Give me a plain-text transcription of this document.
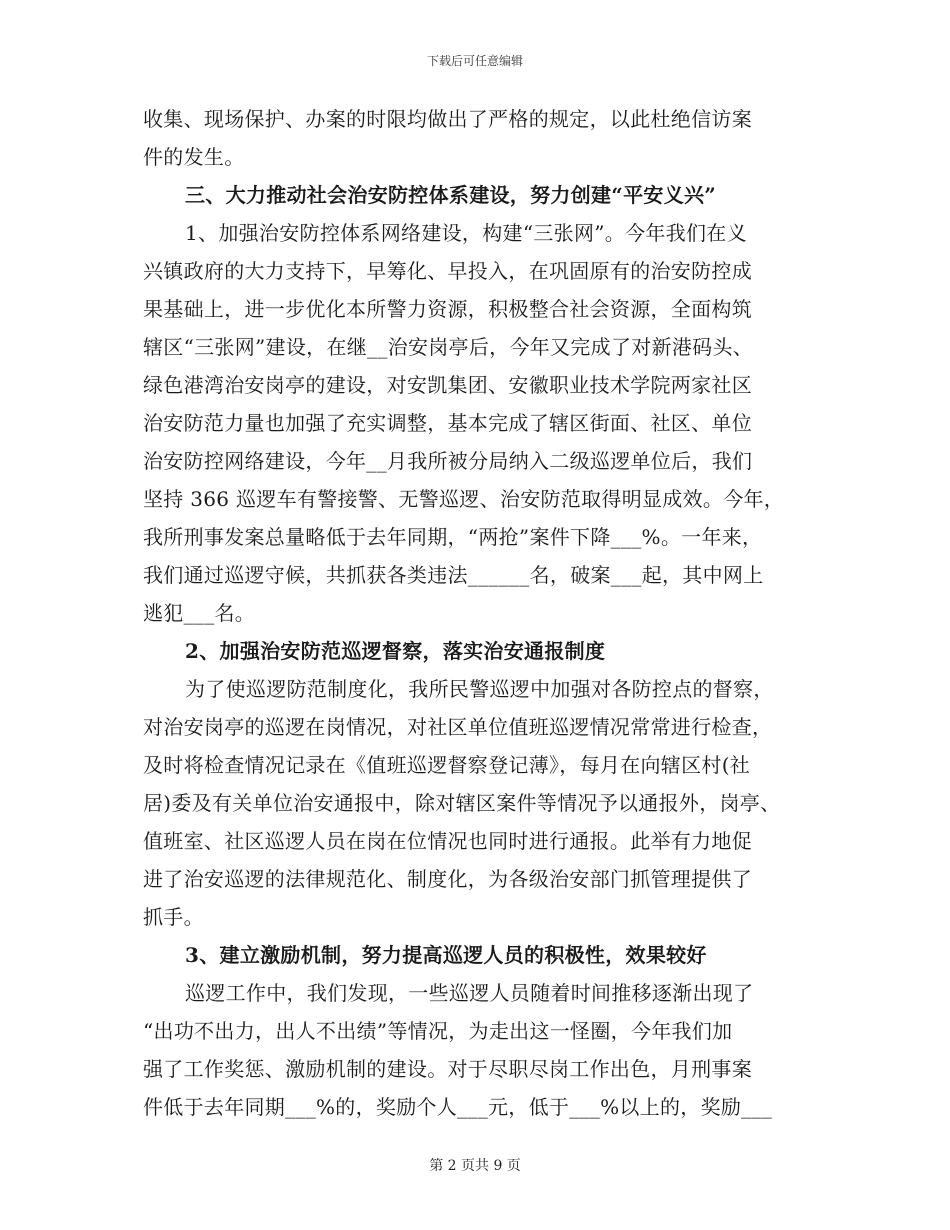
下载后可任意编辑
收集、现场保护、办案的时限均做出了严格的规定，以此杜绝信访案
件的发生。
三、大力推动社会治安防控体系建设，努力创建“平安义兴”
1、加强治安防控体系网络建设，构建“三张网”。今年我们在义
兴镇政府的大力支持下，早筹化、早投入，在巩固原有的治安防控成
果基础上，进一步优化本所警力资源，积极整合社会资源，全面构筑
辖区“三张网”建设，在继__治安岗亭后，今年又完成了对新港码头、
绿色港湾治安岗亭的建设，对安凯集团、安徽职业技术学院两家社区
治安防范力量也加强了充实调整，基本完成了辖区街面、社区、单位
治安防控网络建设，今年__月我所被分局纳入二级巡逻单位后，我们
坚持 366 巡逻车有警接警、无警巡逻、治安防范取得明显成效。今年，
我所刑事发案总量略低于去年同期，“两抢”案件下降___%。一年来，
我们通过巡逻守候，共抓获各类违法______名，破案___起，其中网上
逃犯___名。
2、加强治安防范巡逻督察，落实治安通报制度
为了使巡逻防范制度化，我所民警巡逻中加强对各防控点的督察，
对治安岗亭的巡逻在岗情况，对社区单位值班巡逻情况常常进行检查，
及时将检查情况记录在《值班巡逻督察登记薄》，每月在向辖区村(社
居)委及有关单位治安通报中，除对辖区案件等情况予以通报外，岗亭、
值班室、社区巡逻人员在岗在位情况也同时进行通报。此举有力地促
进了治安巡逻的法律规范化、制度化，为各级治安部门抓管理提供了
抓手。
3、建立激励机制，努力提高巡逻人员的积极性，效果较好
巡逻工作中，我们发现，一些巡逻人员随着时间推移逐渐出现了
“出功不出力，出人不出绩”等情况，为走出这一怪圈，今年我们加
强了工作奖惩、激励机制的建设。对于尽职尽岗工作出色，月刑事案
件低于去年同期___%的，奖励个人___元，低于___%以上的，奖励___
第 2 页共 9 页
